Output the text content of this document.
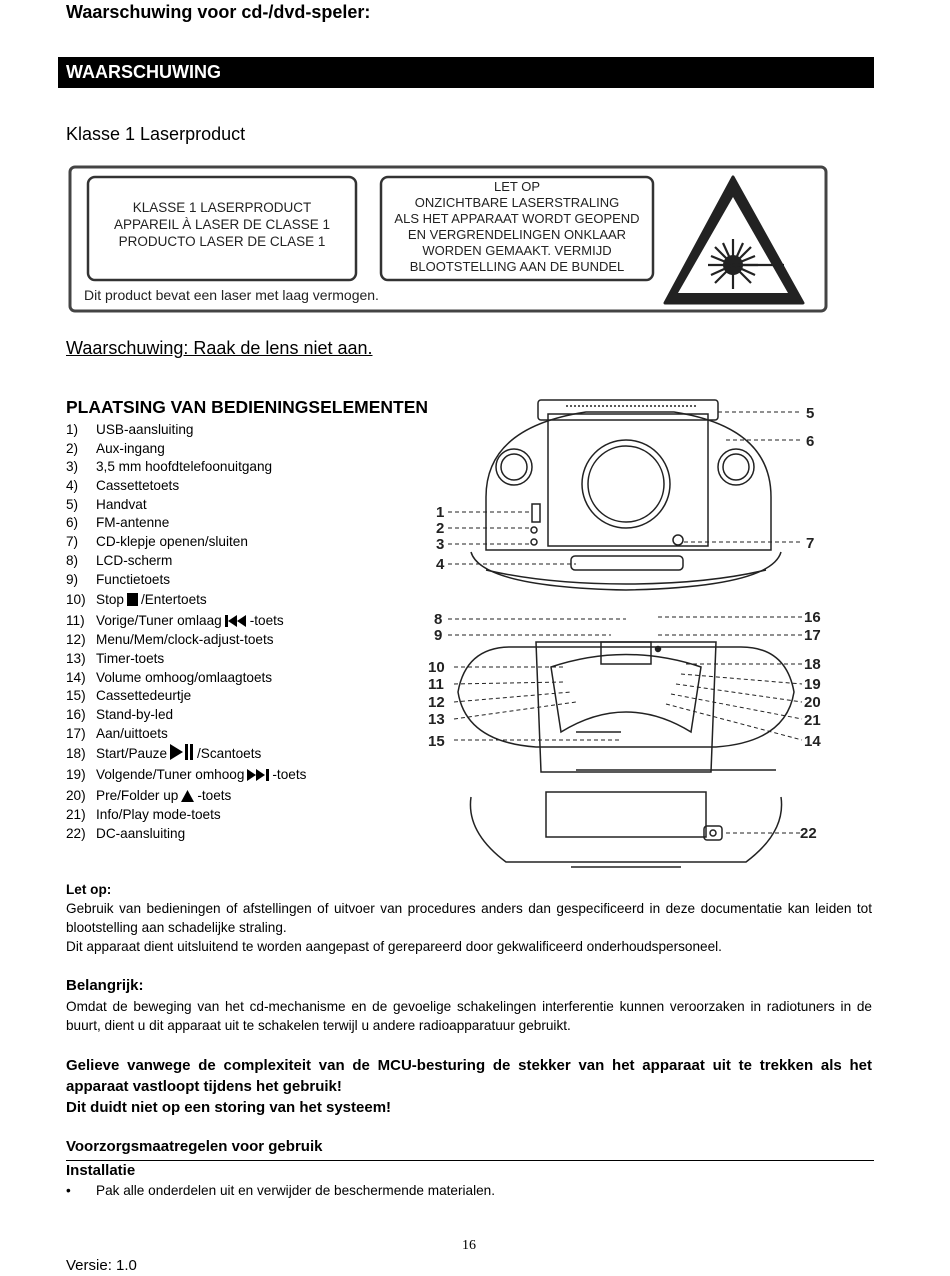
Waarschuwing voor cd-/dvd-speler:
WAARSCHUWING
Klasse 1 Laserproduct
KLASSE 1 LASERPRODUCT
APPAREIL À LASER DE CLASSE 1
PRODUCTO LASER DE CLASE 1
LET OP
ONZICHTBARE LASERSTRALING
ALS HET APPARAAT WORDT GEOPEND
EN VERGRENDELINGEN ONKLAAR
WORDEN GEMAAKT. VERMIJD
BLOOTSTELLING AAN DE BUNDEL
Dit product bevat een laser met laag vermogen.
Waarschuwing: Raak de lens niet aan.
PLAATSING VAN BEDIENINGSELEMENTEN
1) USB-aansluiting
2) Aux-ingang
3) 3,5 mm hoofdtelefoonuitgang
4) Cassettetoets
5) Handvat
6) FM-antenne
7) CD-klepje openen/sluiten
8) LCD-scherm
9) Functietoets
10) Stop /Entertoets
11) Vorige/Tuner omlaag -toets
12) Menu/Mem/clock-adjust-toets
13) Timer-toets
14) Volume omhoog/omlaagtoets
15) Cassettedeurtje
16) Stand-by-led
17) Aan/uittoets
18) Start/Pauze /Scantoets
19) Volgende/Tuner omhoog -toets
20) Pre/Folder up -toets
21) Info/Play mode-toets
22) DC-aansluiting
1
2
3
4
5
6
7
8
9
10
11
12
13
14
15
16
17
18
19
20
21
22
Let op:
Gebruik van bedieningen of afstellingen of uitvoer van procedures anders dan gespecificeerd in deze documentatie kan leiden tot blootstelling aan schadelijke straling.
Dit apparaat dient uitsluitend te worden aangepast of gerepareerd door gekwalificeerd onderhoudspersoneel.
Belangrijk:
Omdat de beweging van het cd-mechanisme en de gevoelige schakelingen interferentie kunnen veroorzaken in radiotuners in de buurt, dient u dit apparaat uit te schakelen terwijl u andere radioapparatuur gebruikt.
Gelieve vanwege de complexiteit van de MCU-besturing de stekker van het apparaat uit te trekken als het apparaat vastloopt tijdens het gebruik!
Dit duidt niet op een storing van het systeem!
Voorzorgsmaatregelen voor gebruik
Installatie
• Pak alle onderdelen uit en verwijder de beschermende materialen.
16
Versie: 1.0
